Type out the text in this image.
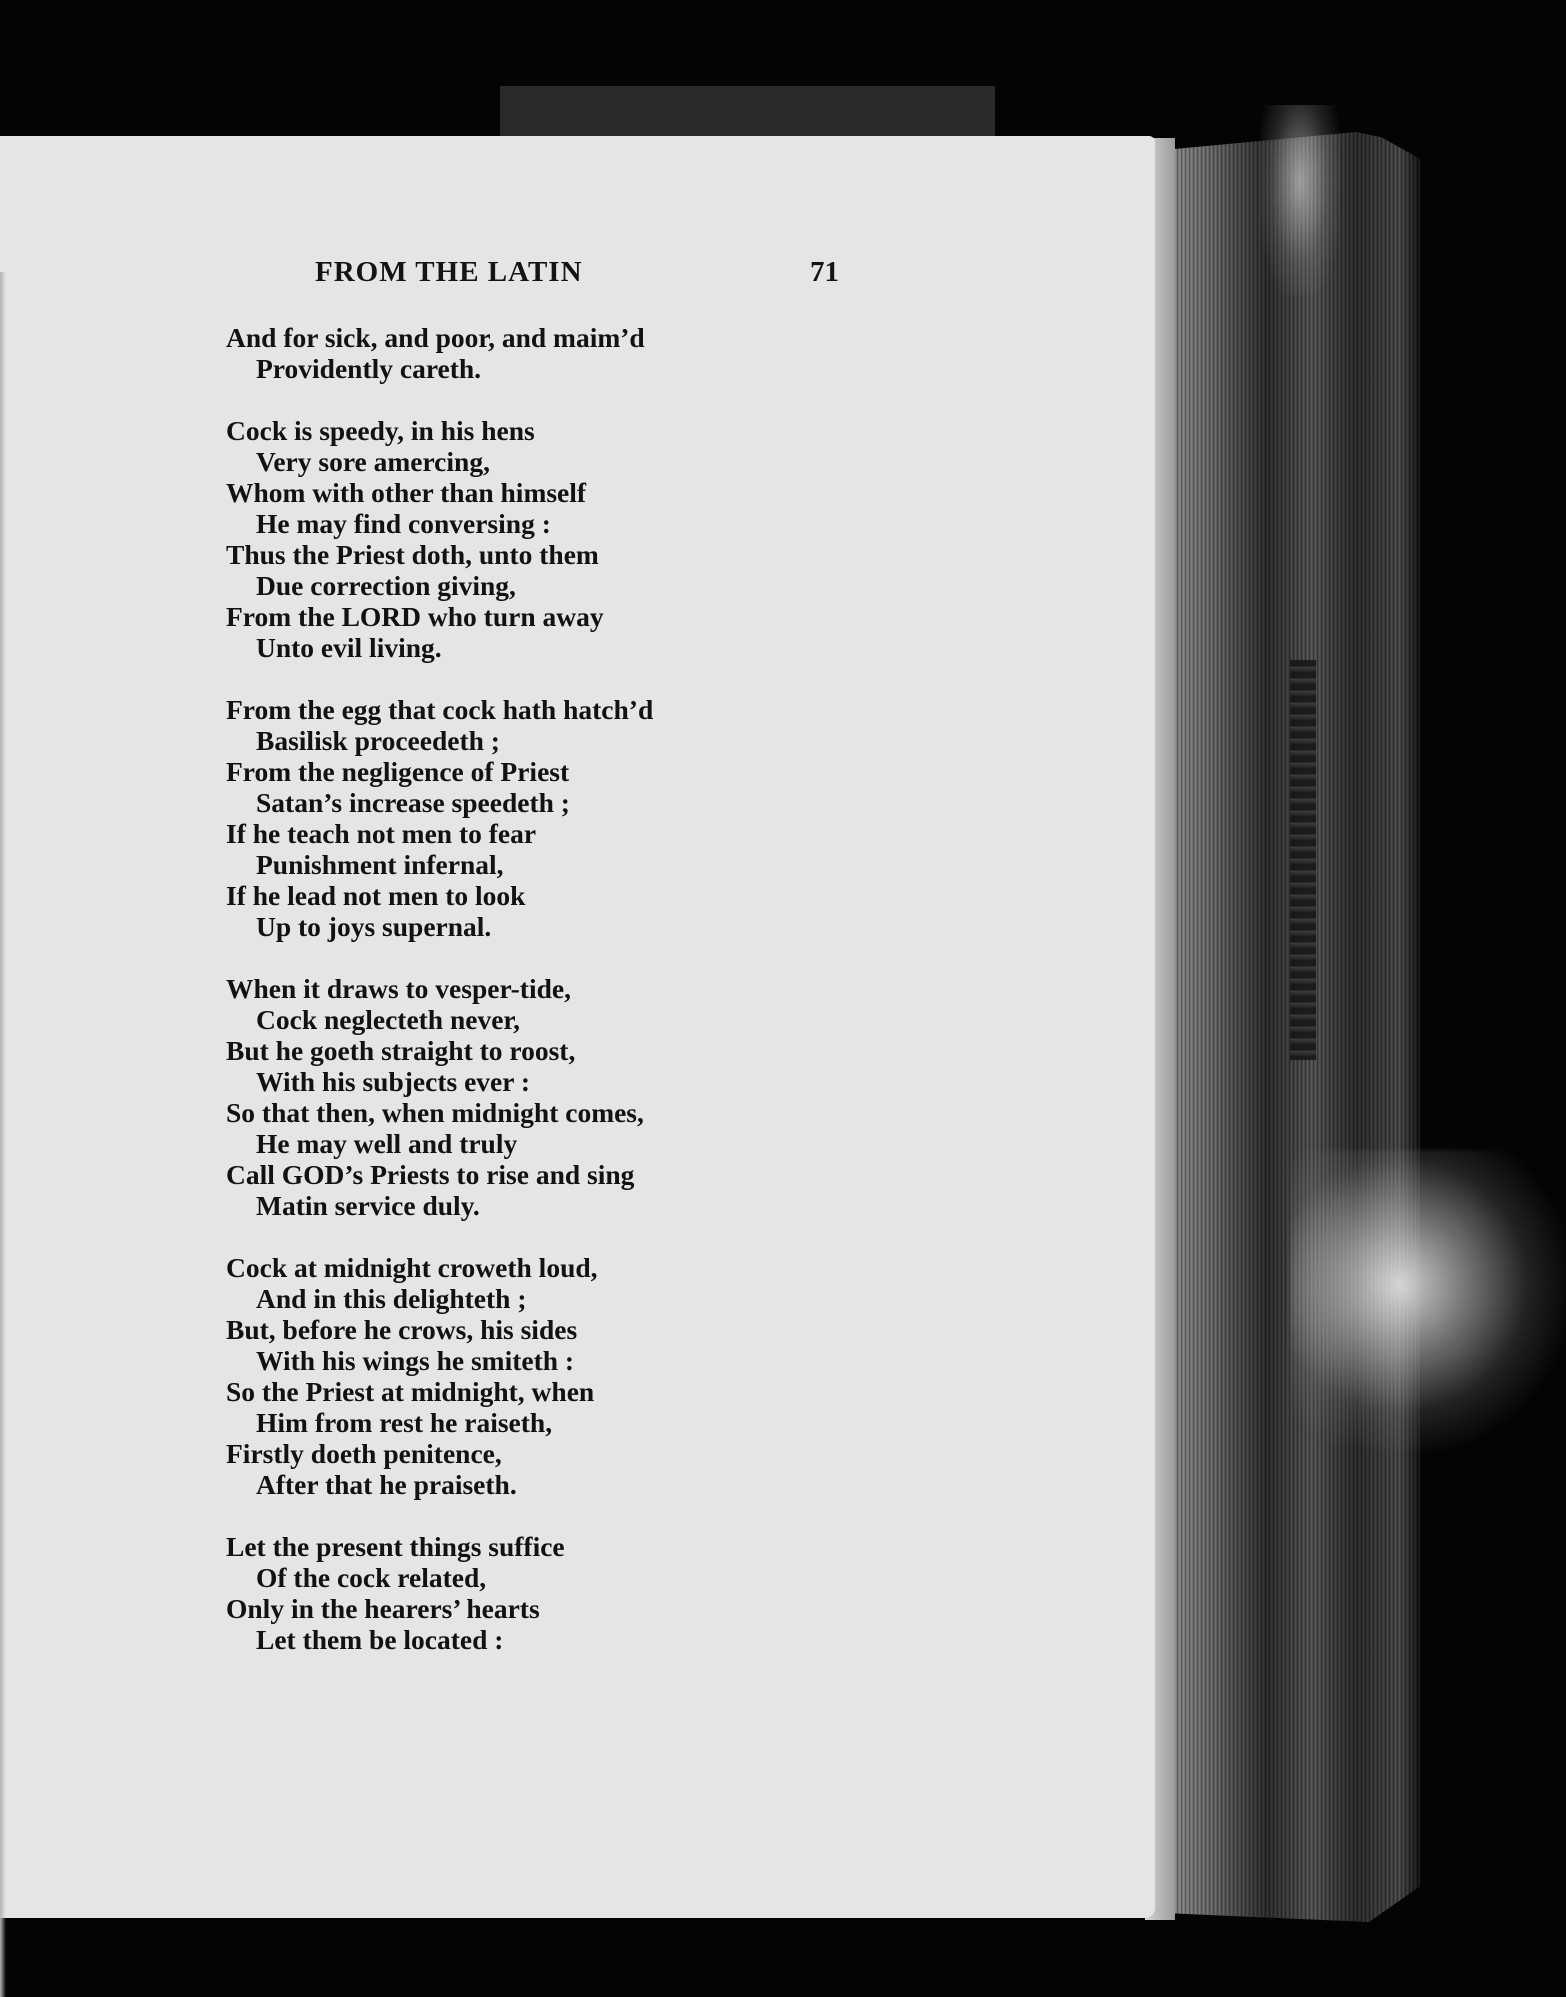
FROM THE LATIN	71
And for sick, and poor, and maim’d
Providently careth.
Cock is speedy, in his hens
Very sore amercing,
Whom with other than himself
He may find conversing :
Thus the Priest doth, unto them
Due correction giving,
From the LORD who turn away
Unto evil living.
From the egg that cock hath hatch’d
Basilisk proceedeth ;
From the negligence of Priest
Satan’s increase speedeth ;
If he teach not men to fear
Punishment infernal,
If he lead not men to look
Up to joys supernal.
When it draws to vesper-tide,
Cock neglecteth never,
But he goeth straight to roost,
With his subjects ever :
So that then, when midnight comes,
He may well and truly
Call GOD’s Priests to rise and sing
Matin service duly.
Cock at midnight croweth loud,
And in this delighteth ;
But, before he crows, his sides
With his wings he smiteth :
So the Priest at midnight, when
Him from rest he raiseth,
Firstly doeth penitence,
After that he praiseth.
Let the present things suffice
Of the cock related,
Only in the hearers’ hearts
Let them be located :
